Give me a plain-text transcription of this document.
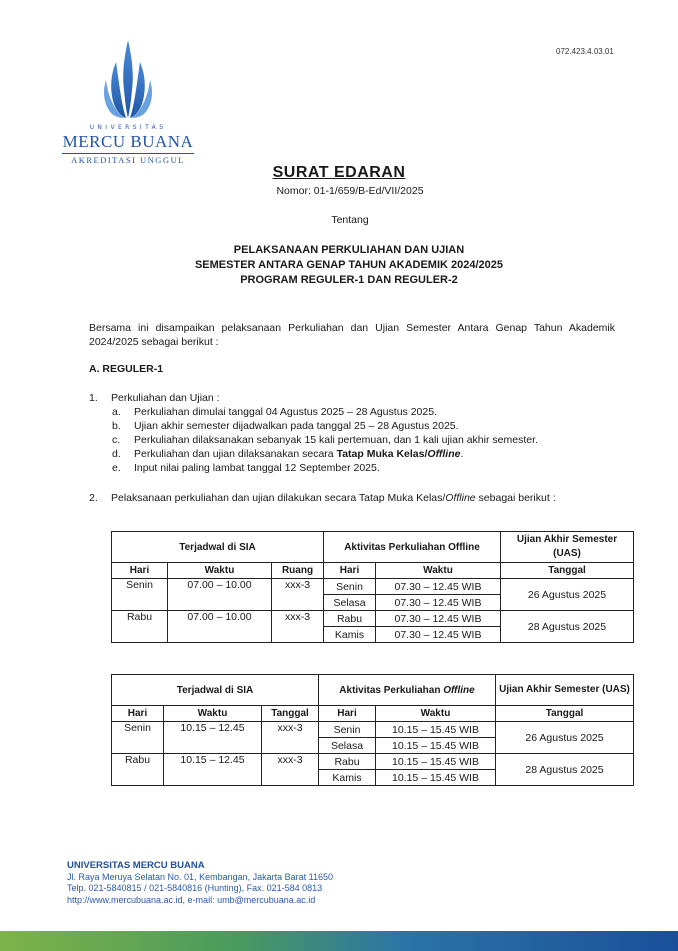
072.423.4.03.01
UNIVERSITAS
MERCU BUANA
AKREDITASI UNGGUL
SURAT EDARAN
Nomor: 01-1/659/B-Ed/VII/2025
Tentang
PELAKSANAAN PERKULIAHAN DAN UJIAN
SEMESTER ANTARA GENAP TAHUN AKADEMIK 2024/2025
PROGRAM REGULER-1 DAN REGULER-2
Bersama ini disampaikan pelaksanaan Perkuliahan dan Ujian Semester Antara Genap Tahun Akademik 2024/2025 sebagai berikut :
A. REGULER-1
1. Perkuliahan dan Ujian :
a.	Perkuliahan dimulai tanggal 04 Agustus 2025 – 28 Agustus 2025.
b.	Ujian akhir semester dijadwalkan pada tanggal 25 – 28 Agustus 2025.
c.	Perkuliahan dilaksanakan sebanyak 15 kali pertemuan, dan 1 kali ujian akhir semester.
d.	Perkuliahan dan ujian dilaksanakan secara Tatap Muka Kelas/Offline.
e.	Input nilai paling lambat tanggal 12 September 2025.
2. Pelaksanaan perkuliahan dan ujian dilakukan secara Tatap Muka Kelas/Offline sebagai berikut :
Terjadwal di SIA			Aktivitas Perkuliahan Offline		Ujian Akhir Semester (UAS)
Hari	Waktu	Ruang	Hari	Waktu	Tanggal
Senin	07.00 – 10.00	xxx-3	Senin	07.30 – 12.45 WIB	26 Agustus 2025
			Selasa	07.30 – 12.45 WIB	
Rabu	07.00 – 10.00	xxx-3	Rabu	07.30 – 12.45 WIB	28 Agustus 2025
			Kamis	07.30 – 12.45 WIB	
Terjadwal di SIA			Aktivitas Perkuliahan Offline		Ujian Akhir Semester (UAS)
Hari	Waktu	Tanggal	Hari	Waktu	Tanggal
Senin	10.15 – 12.45	xxx-3	Senin	10.15 – 15.45 WIB	26 Agustus 2025
			Selasa	10.15 – 15.45 WIB	
Rabu	10.15 – 12.45	xxx-3	Rabu	10.15 – 15.45 WIB	28 Agustus 2025
			Kamis	10.15 – 15.45 WIB	
UNIVERSITAS MERCU BUANA
Jl. Raya Meruya Selatan No. 01, Kembangan, Jakarta Barat 11650
Telp. 021-5840815 / 021-5840816 (Hunting), Fax. 021-584 0813
http://www.mercubuana.ac.id, e-mail: umb@mercubuana.ac.id
